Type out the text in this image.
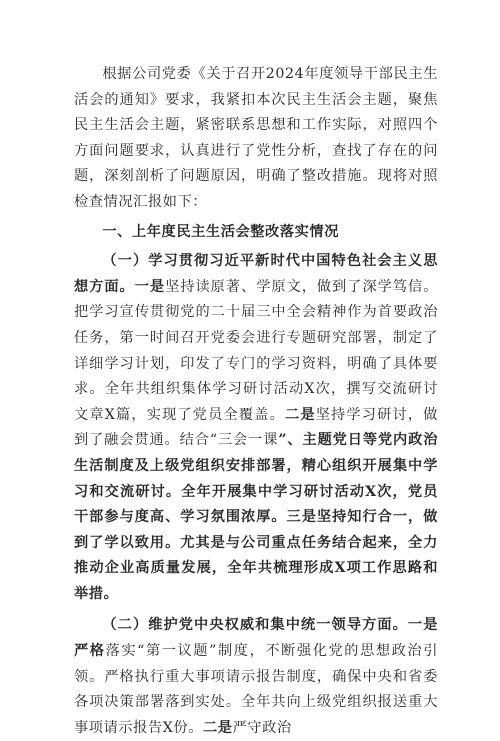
根据公司党委《关于召开2024年度领导干部民主生活会的通知》要求，我紧扣本次民主生活会主题，聚焦民主生活会主题，紧密联系思想和工作实际，对照四个方面问题要求，认真进行了党性分析，查找了存在的问题，深刻剖析了问题原因，明确了整改措施。现将对照检查情况汇报如下：

一、上年度民主生活会整改落实情况

（一）学习贯彻习近平新时代中国特色社会主义思想方面。一是坚持读原著、学原文，做到了深学笃信。把学习宣传贯彻党的二十届三中全会精神作为首要政治任务，第一时间召开党委会进行专题研究部署，制定了详细学习计划，印发了专门的学习资料，明确了具体要求。全年共组织集体学习研讨活动X次，撰写交流研讨文章X篇，实现了党员全覆盖。二是坚持学习研讨，做到了融会贯通。结合“三会一课”、主题党日等党内政治生活制度及上级党组织安排部署，精心组织开展集中学习和交流研讨。全年开展集中学习研讨活动X次，党员干部参与度高、学习氛围浓厚。三是坚持知行合一，做到了学以致用。尤其是与公司重点任务结合起来，全力推动企业高质量发展，全年共梳理形成X项工作思路和举措。

（二）维护党中央权威和集中统一领导方面。一是严格落实“第一议题”制度，不断强化党的思想政治引领。严格执行重大事项请示报告制度，确保中央和省委各项决策部署落到实处。全年共向上级党组织报送重大事项请示报告X份。二是严守政治
